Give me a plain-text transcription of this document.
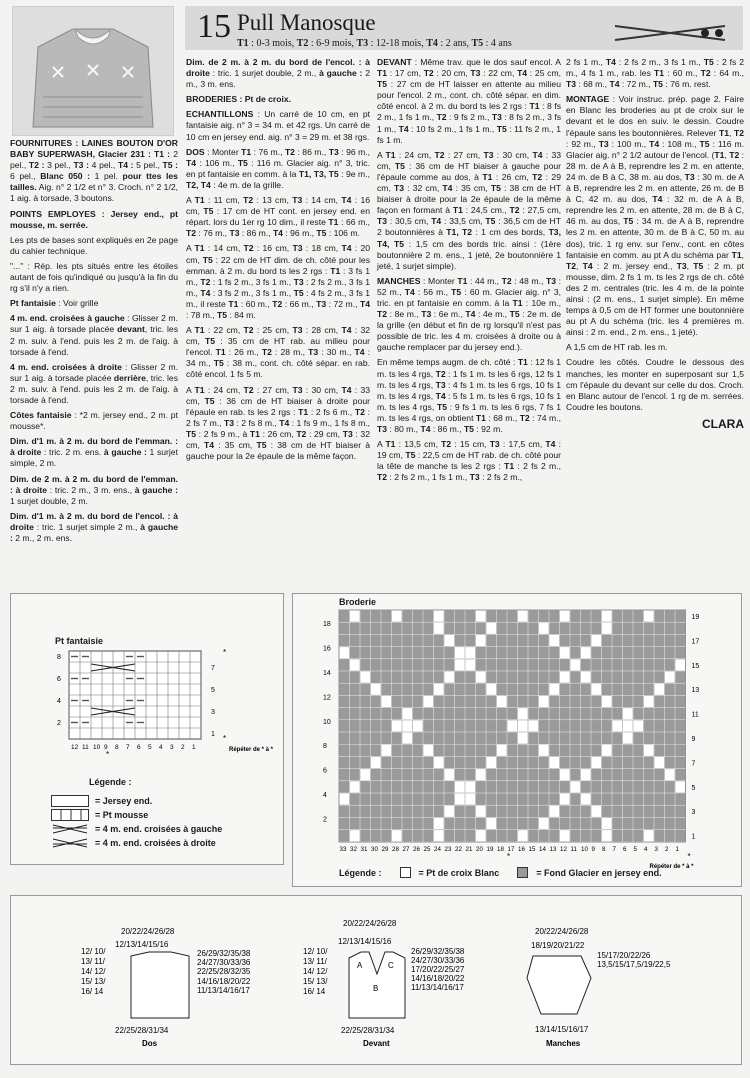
15 Pull Manosque
T1 : 0-3 mois, T2 : 6-9 mois, T3 : 12-18 mois, T4 : 2 ans, T5 : 4 ans

FOURNITURES : LAINES BOUTON D'OR BABY SUPERWASH, Glacier 231 : T1 : 2 pel., T2 : 3 pel., T3 : 4 pel., T4 : 5 pel., T5 : 6 pel., Blanc 050 : 1 pel. pour ttes les tailles. Aig. n° 2 1/2 et n° 3. Croch. n° 2 1/2, 1 aig. à torsade, 3 boutons.

POINTS EMPLOYES : Jersey end., pt mousse, m. serrée.

Les pts de bases sont expliqués en 2e page du cahier technique.

"..." : Rép. les pts situés entre les étoiles autant de fois qu'indiqué ou jusqu'à la fin du rg s'il n'y a rien.

Pt fantaisie : Voir grille

4 m. end. croisées à gauche : Glisser 2 m. sur 1 aig. à torsade placée devant, tric. les 2 m. suiv. à l'end. puis les 2 m. de l'aig. à torsade à l'end.

4 m. end. croisées à droite : Glisser 2 m. sur 1 aig. à torsade placée derrière, tric. les 2 m. suiv. à l'end. puis les 2 m. de l'aig. à torsade à l'end.

Côtes fantaisie : *2 m. jersey end., 2 m. pt mousse*.

Dim. d'1 m. à 2 m. du bord de l'emman. : à droite : tric. 2 m. ens. à gauche : 1 surjet simple, 2 m.

Dim. de 2 m. à 2 m. du bord de l'emman. : à droite : tric. 2 m., 3 m. ens., à gauche : 1 surjet double, 2 m.

Dim. d'1 m. à 2 m. du bord de l'encol. : à droite : tric. 1 surjet simple 2 m., à gauche : 2 m., 2 m. ens.

Dim. de 2 m. à 2 m. du bord de l'encol. : à droite : tric. 1 surjet double, 2 m., à gauche : 2 m., 3 m. ens.

BRODERIES : Pt de croix.

ECHANTILLONS : Un carré de 10 cm, en pt fantaisie aig. n° 3 = 34 m. et 42 rgs. Un carré de 10 cm en jersey end. aig. n° 3 = 29 m. et 38 rgs.

DOS : Monter T1 : 76 m., T2 : 86 m., T3 : 96 m., T4 : 106 m., T5 : 116 m. Glacier aig. n° 3, tric. en pt fantaisie en comm. à la T1, T3, T5 : 9e m., T2, T4 : 4e m. de la grille.

A T1 : 11 cm, T2 : 13 cm, T3 : 14 cm, T4 : 16 cm, T5 : 17 cm de HT cont. en jersey end. en répart. lors du 1er rg 10 dim., il reste T1 : 66 m., T2 : 76 m., T3 : 86 m., T4 : 96 m., T5 : 106 m.

A T1 : 14 cm, T2 : 16 cm, T3 : 18 cm, T4 : 20 cm, T5 : 22 cm de HT dim. de ch. côté pour les emman. à 2 m. du bord ts les 2 rgs : T1 : 3 fs 1 m., T2 : 1 fs 2 m., 3 fs 1 m., T3 : 2 fs 2 m., 3 fs 1 m., T4 : 3 fs 2 m., 3 fs 1 m., T5 : 4 fs 2 m., 3 fs 1 m., il reste T1 : 60 m., T2 : 66 m., T3 : 72 m., T4 : 78 m., T5 : 84 m.

A T1 : 22 cm, T2 : 25 cm, T3 : 28 cm, T4 : 32 cm, T5 : 35 cm de HT rab. au milieu pour l'encol. T1 : 26 m., T2 : 28 m., T3 : 30 m., T4 : 34 m., T5 : 38 m., cont. ch. côté sépar. en rab. côté encol. 1 fs 5 m.

A T1 : 24 cm, T2 : 27 cm, T3 : 30 cm, T4 : 33 cm, T5 : 36 cm de HT biaiser à droite pour l'épaule en rab. ts les 2 rgs : T1 : 2 fs 6 m., T2 : 2 fs 7 m., T3 : 2 fs 8 m., T4 : 1 fs 9 m., 1 fs 8 m., T5 : 2 fs 9 m., à T1 : 26 cm, T2 : 29 cm, T3 : 32 cm, T4 : 35 cm, T5 : 38 cm de HT biaiser à gauche pour la 2e épaule de la même façon.

DEVANT : Même trav. que le dos sauf encol. A T1 : 17 cm, T2 : 20 cm, T3 : 22 cm, T4 : 25 cm, T5 : 27 cm de HT laisser en attente au milieu pour l'encol. 2 m., cont. ch. côté sépar. en dim. côté encol. à 2 m. du bord ts les 2 rgs : T1 : 8 fs 2 m., 1 fs 1 m., T2 : 9 fs 2 m., T3 : 8 fs 2 m., 3 fs 1 m., T4 : 10 fs 2 m., 1 fs 1 m., T5 : 11 fs 2 m., 1 fs 1 m.

A T1 : 24 cm, T2 : 27 cm, T3 : 30 cm, T4 : 33 cm, T5 : 36 cm de HT biaiser à gauche pour l'épaule comme au dos, à T1 : 26 cm, T2 : 29 cm, T3 : 32 cm, T4 : 35 cm, T5 : 38 cm de HT biaiser à droite pour la 2e épaule de la même façon en formant à T1 : 24,5 cm., T2 : 27,5 cm, T3 : 30,5 cm, T4 : 33,5 cm, T5 : 36,5 cm de HT 2 boutonnières à T1, T2 : 1 cm des bords, T3, T4, T5 : 1,5 cm des bords tric. ainsi : (1ère boutonnière 2 m. ens., 1 jeté, 2e boutonnière 1 jeté, 1 surjet simple).

MANCHES : Monter T1 : 44 m., T2 : 48 m., T3 : 52 m., T4 : 56 m., T5 : 60 m. Glacier aig. n° 3, tric. en pt fantaisie en comm. à la T1 : 10e m., T2 : 8e m., T3 : 6e m., T4 : 4e m., T5 : 2e m. de la grille (en début et fin de rg lorsqu'il n'est pas possible de tric. les 4 m. croisées à droite ou à gauche remplacer par du jersey end.).

En même temps augm. de ch. côté : T1 : 12 fs 1 m. ts les 4 rgs, T2 : 1 fs 1 m. ts les 6 rgs, 12 fs 1 m. ts les 4 rgs, T3 : 4 fs 1 m. ts les 6 rgs, 10 fs 1 m. ts les 4 rgs, T4 : 5 fs 1 m. ts les 6 rgs, 10 fs 1 m. ts les 4 rgs, T5 : 9 fs 1 m. ts les 6 rgs, 7 fs 1 m. ts les 4 rgs, on obtient T1 : 68 m., T2 : 74 m., T3 : 80 m., T4 : 86 m., T5 : 92 m.

A T1 : 13,5 cm, T2 : 15 cm, T3 : 17,5 cm, T4 : 19 cm, T5 : 22,5 cm de HT rab. de ch. côté pour la tête de manche ts les 2 rgs : T1 : 2 fs 2 m., T2 : 2 fs 2 m., 1 fs 1 m., T3 : 2 fs 2 m.,

2 fs 1 m., T4 : 2 fs 2 m., 3 fs 1 m., T5 : 2 fs 2 m., 4 fs 1 m., rab. les T1 : 60 m., T2 : 64 m., T3 : 68 m., T4 : 72 m., T5 : 76 m. rest.

MONTAGE : Voir instruc. prép. page 2. Faire en Blanc les broderies au pt de croix sur le devant et le dos en suiv. le dessin. Coudre l'épaule sans les boutonnières. Relever T1, T2 : 92 m., T3 : 100 m., T4 : 108 m., T5 : 116 m. Glacier aig. n° 2 1/2 autour de l'encol. (T1, T2 : 28 m. de A à B, reprendre les 2 m. en attente, 24 m. de B à C, 38 m. au dos, T3 : 30 m. de A à B, reprendre les 2 m. en attente, 26 m. de B à C, 42 m. au dos, T4 : 32 m. de A à B, reprendre les 2 m. en attente, 28 m. de B à C, 46 m. au dos, T5 : 34 m. de A à B, reprendre les 2 m. en attente, 30 m. de B à C, 50 m. au dos), tric. 1 rg env. sur l'env., cont. en côtes fantaisie en comm. au pt A du schéma par T1, T2, T4 : 2 m. jersey end., T3, T5 : 2 m. pt mousse, dim. 2 fs 1 m. ts les 2 rgs de ch. côté des 2 m. centrales (tric. les 4 m. de la pointe ainsi : (2 m. ens., 1 surjet simple). En même temps à 0,5 cm de HT former une boutonnière au pt A du schéma (tric. les 4 premières m. ainsi : 2 m. end., 2 m. ens., 1 jeté).

A 1,5 cm de HT rab. les m.

Coudre les côtés. Coudre le dessous des manches, les monter en superposant sur 1,5 cm l'épaule du devant sur celle du dos. Croch. en Blanc autour de l'encol. 1 rg de m. serrées. Coudre les boutons.

CLARA
Pt fantaisie
8
6
4
2
7
5
3
1
12 11 10 9 8 7 6 5 4 3 2 1
*
*
*	Répéter de * à *
Légende :
= Jersey end.
= Pt mousse
= 4 m. end. croisées à gauche
= 4 m. end. croisées à droite
Broderie
18
16
14
12
10
8
6
4
2
19
17
15
13
11
9
7
5
3
1
33 32 31 30 29 28 27 26 25 24 23 22 21 20 19 18 17 16 15 14 13 12 11 10 9 8 7 6 5 4 3 2 1
*	*
Répéter de * à *
Légende :	= Pt de croix Blanc	= Fond Glacier en jersey end.
20/22/24/26/28
12/13/14/15/16
12/ 10/
13/ 11/
14/ 12/
15/ 13/
16/ 14
26/29/32/35/38
24/27/30/33/36
22/25/28/32/35
14/16/18/20/22
11/13/14/16/17
22/25/28/31/34
Dos
20/22/24/26/28
12/13/14/15/16
A	C
B
12/ 10/
13/ 11/
14/ 12/
15/ 13/
16/ 14
26/29/32/35/38
24/27/30/33/36
17/20/22/25/27
14/16/18/20/22
11/13/14/16/17
22/25/28/31/34
Devant
20/22/24/26/28
18/19/20/21/22
15/17/20/22/26
13,5/15/17,5/19/22,5
13/14/15/16/17
Manches
